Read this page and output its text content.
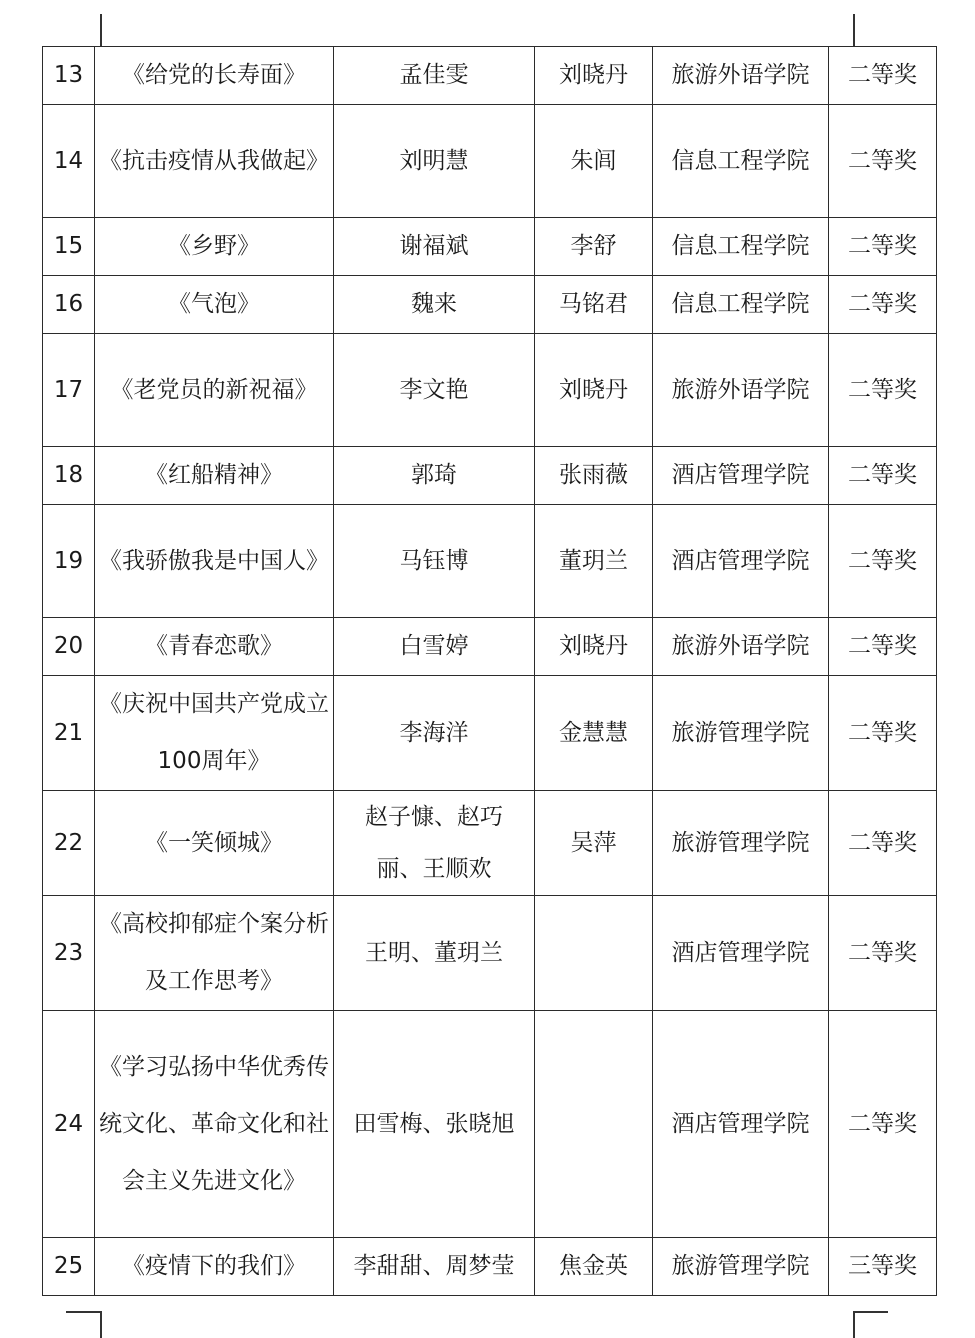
13	《给党的长寿面》	孟佳雯	刘晓丹	旅游外语学院	二等奖
14	《抗击疫情从我做起》	刘明慧	朱闾	信息工程学院	二等奖
15	《乡野》	谢福斌	李舒	信息工程学院	二等奖
16	《气泡》	魏来	马铭君	信息工程学院	二等奖
17	《老党员的新祝福》	李文艳	刘晓丹	旅游外语学院	二等奖
18	《红船精神》	郭琦	张雨薇	酒店管理学院	二等奖
19	《我骄傲我是中国人》	马钰博	董玥兰	酒店管理学院	二等奖
20	《青春恋歌》	白雪婷	刘晓丹	旅游外语学院	二等奖
21	《庆祝中国共产党成立100周年》	李海洋	金慧慧	旅游管理学院	二等奖
22	《一笑倾城》	赵子慷、赵巧丽、王顺欢	吴萍	旅游管理学院	二等奖
23	《高校抑郁症个案分析及工作思考》	王明、董玥兰		酒店管理学院	二等奖
24	《学习弘扬中华优秀传统文化、革命文化和社会主义先进文化》	田雪梅、张晓旭		酒店管理学院	二等奖
25	《疫情下的我们》	李甜甜、周梦莹	焦金英	旅游管理学院	三等奖
